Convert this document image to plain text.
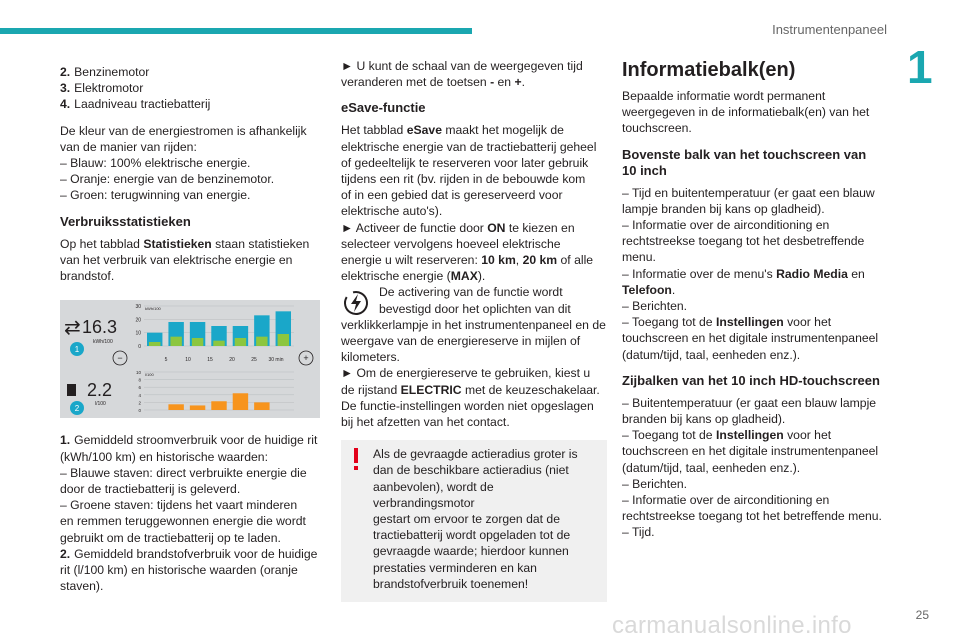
Instrumentenpaneel
1

2. Benzinemotor
3. Elektromotor
4. Laadniveau tractiebatterij

De kleur van de energiestromen is afhankelijk
van de manier van rijden:
– Blauw: 100% elektrische energie.
– Oranje: energie van de benzinemotor.
– Groen: terugwinning van energie.

Verbruiksstatistieken

Op het tabblad Statistieken staan statistieken
van het verbruik van elektrische energie en
brandstof.

⇄ 16.3
kWh/100
1
2.2
l/100
2
kWh/100
30
20
10
0
−	+
5	10	15	20	25 30 min
l/100
10
8
6
4
2
0

1. Gemiddeld stroomverbruik voor de huidige rit
(kWh/100 km) en historische waarden:
– Blauwe staven: direct verbruikte energie die
door de tractiebatterij is geleverd.
– Groene staven: tijdens het vaart minderen
en remmen teruggewonnen energie die wordt
gebruikt om de tractiebatterij op te laden.

2. Gemiddeld brandstofverbruik voor de huidige
rit (l/100 km) en historische waarden (oranje
staven).

► U kunt de schaal van de weergegeven tijd
veranderen met de toetsen - en +.

eSave-functie

Het tabblad eSave maakt het mogelijk de
elektrische energie van de tractiebatterij geheel
of gedeeltelijk te reserveren voor later gebruik
tijdens een rit (bv. rijden in de bebouwde kom
of in een gebied dat is gereserveerd voor
elektrische auto's).
► Activeer de functie door ON te kiezen en
selecteer vervolgens hoeveel elektrische
energie u wilt reserveren: 10 km, 20 km of alle
elektrische energie (MAX).

De activering van de functie wordt
bevestigd door het oplichten van dit

verklikkerlampje in het instrumentenpaneel en de
weergave van de energiereserve in mijlen of
kilometers.
► Om de energiereserve te gebruiken, kiest u
de rijstand ELECTRIC met de keuzeschakelaar.
De functie-instellingen worden niet opgeslagen
bij het afzetten van het contact.

Als de gevraagde actieradius groter is
dan de beschikbare actieradius (niet
aanbevolen), wordt de verbrandingsmotor
gestart om ervoor te zorgen dat de
tractiebatterij wordt opgeladen tot de
gevraagde waarde; hierdoor kunnen
prestaties verminderen en kan
brandstofverbruik toenemen!
Informatiebalk(en)

Bepaalde informatie wordt permanent
weergegeven in de informatiebalk(en) van het
touchscreen.

Bovenste balk van het touchscreen van
10 inch

– Tijd en buitentemperatuur (er gaat een blauw
lampje branden bij kans op gladheid).
– Informatie over de airconditioning en
rechtstreekse toegang tot het desbetreffende
menu.
– Informatie over de menu's Radio Media en
Telefoon.
– Berichten.
– Toegang tot de Instellingen voor het
touchscreen en het digitale instrumentenpaneel
(datum/tijd, taal, eenheden enz.).

Zijbalken van het 10 inch HD-touchscreen

– Buitentemperatuur (er gaat een blauw lampje
branden bij kans op gladheid).
– Toegang tot de Instellingen voor het
touchscreen en het digitale instrumentenpaneel
(datum/tijd, taal, eenheden enz.).
– Berichten.
– Informatie over de airconditioning en
rechtstreekse toegang tot het betreffende menu.
– Tijd.

25
carmanualsonline.info
